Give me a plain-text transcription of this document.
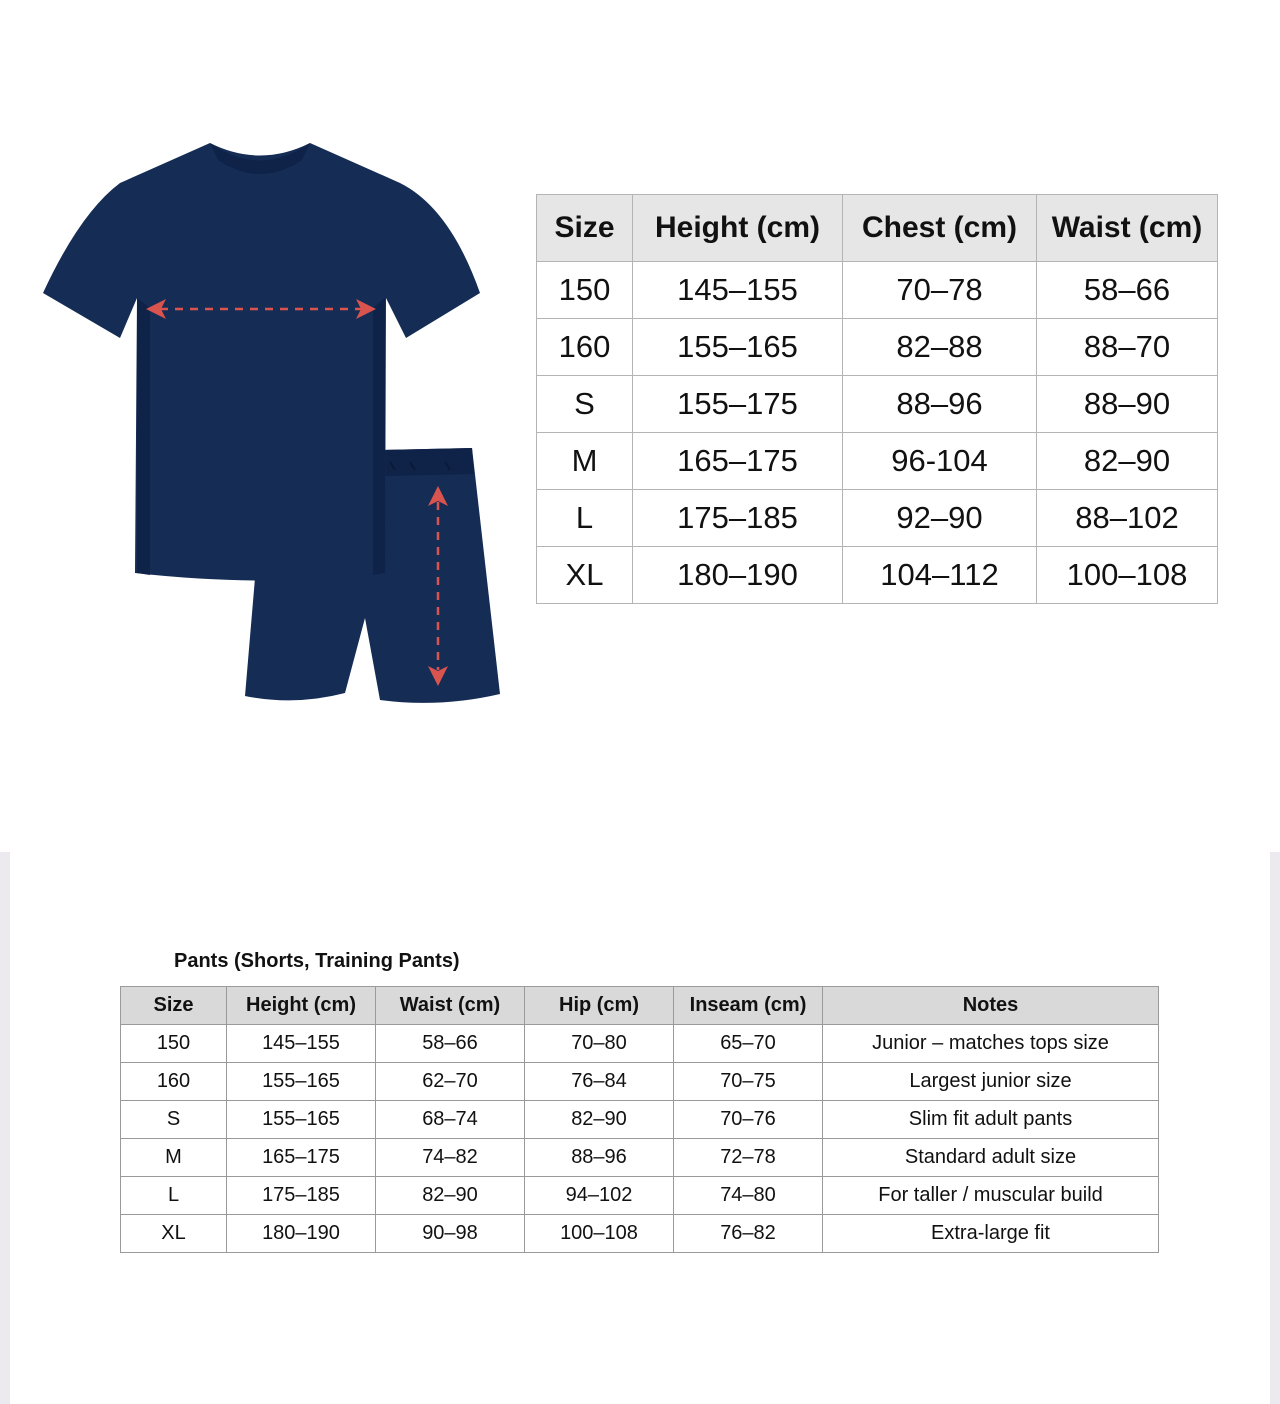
Size	Height (cm)	Chest (cm)	Waist (cm)
150	145–155	70–78	58–66
160	155–165	82–88	88–70
S	155–175	88–96	88–90
M	165–175	96-104	82–90
L	175–185	92–90	88–102
XL	180–190	104–112	100–108
Pants (Shorts, Training Pants)
Size	Height (cm)	Waist (cm)	Hip (cm)	Inseam (cm)	Notes
150	145–155	58–66	70–80	65–70	Junior – matches tops size
160	155–165	62–70	76–84	70–75	Largest junior size
S	155–165	68–74	82–90	70–76	Slim fit adult pants
M	165–175	74–82	88–96	72–78	Standard adult size
L	175–185	82–90	94–102	74–80	For taller / muscular build
XL	180–190	90–98	100–108	76–82	Extra-large fit
